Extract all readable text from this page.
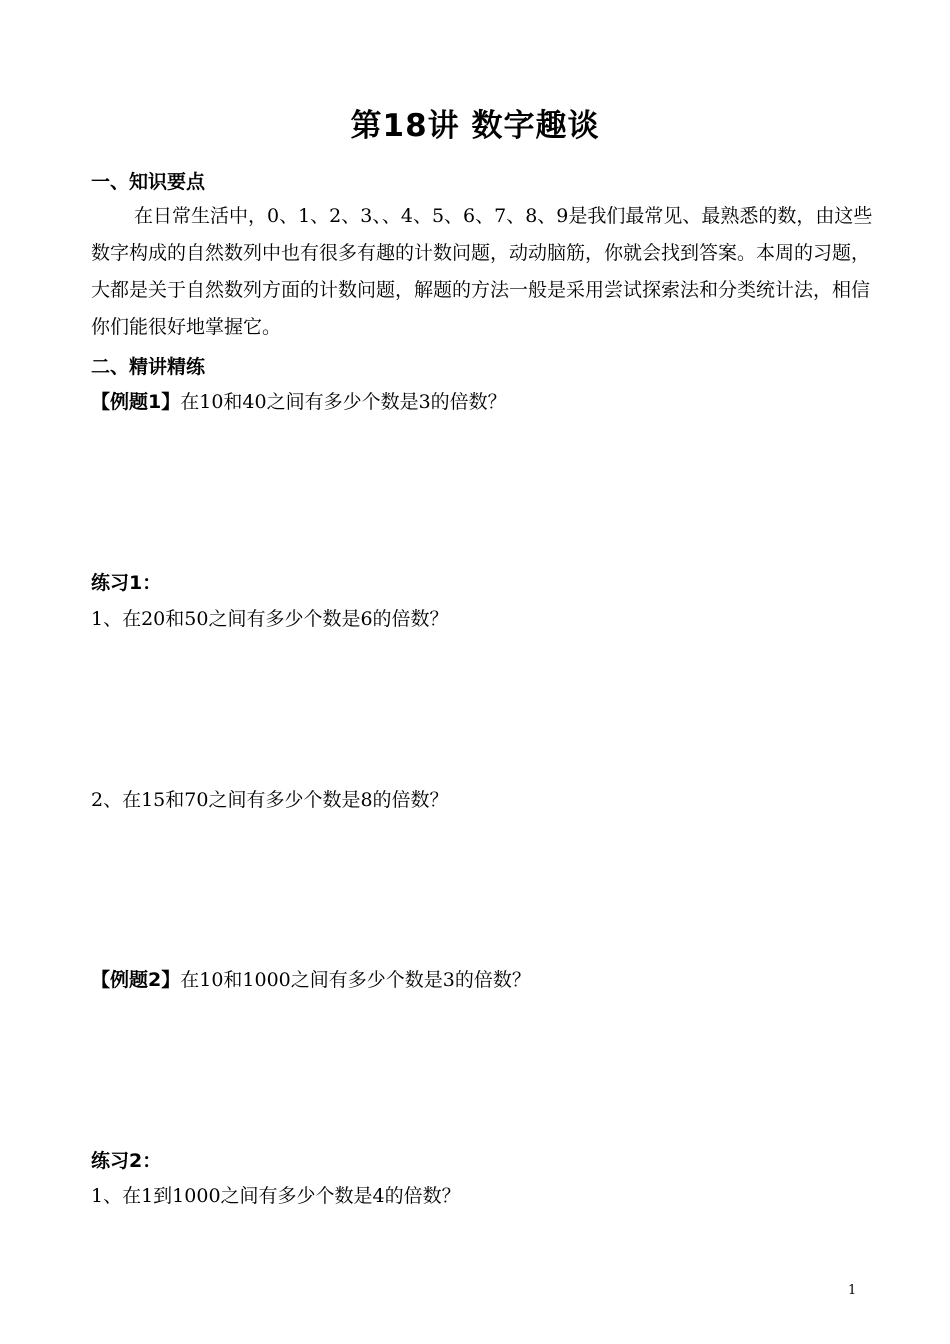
第18讲 数字趣谈
一、知识要点

在日常生活中，0、1、2、3、、4、5、6、7、8、9是我们最常见、最熟悉的数，由这些数字构成的自然数列中也有很多有趣的计数问题，动动脑筋，你就会找到答案。本周的习题，大都是关于自然数列方面的计数问题，解题的方法一般是采用尝试探索法和分类统计法，相信你们能很好地掌握它。

二、精讲精练
【例题1】在10和40之间有多少个数是3的倍数？
练习1：
1、在20和50之间有多少个数是6的倍数？
2、在15和70之间有多少个数是8的倍数？
【例题2】在10和1000之间有多少个数是3的倍数？
练习2：
1、在1到1000之间有多少个数是4的倍数？
1
